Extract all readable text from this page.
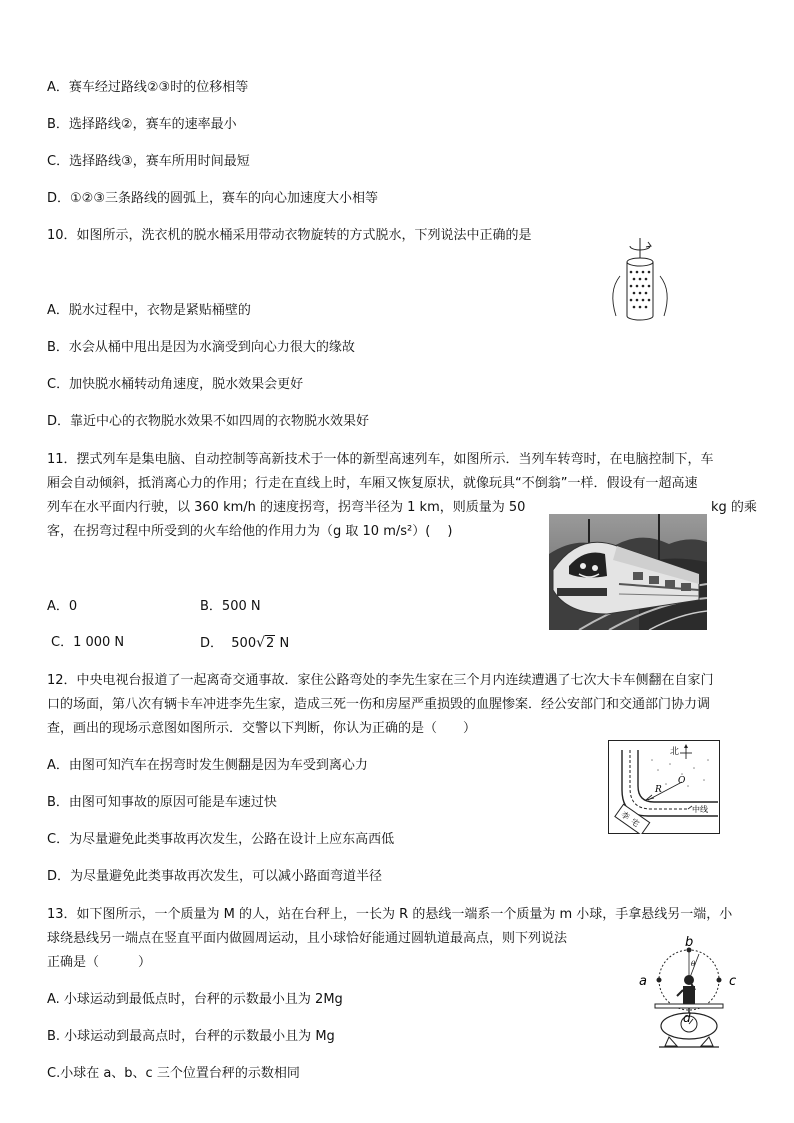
A．赛车经过路线②③时的位移相等
B．选择路线②，赛车的速率最小
C．选择路线③，赛车所用时间最短
D．①②③三条路线的圆弧上，赛车的向心加速度大小相等
10．如图所示，洗衣机的脱水桶采用带动衣物旋转的方式脱水，下列说法中正确的是
A．脱水过程中，衣物是紧贴桶壁的
B．水会从桶中甩出是因为水滴受到向心力很大的缘故
C．加快脱水桶转动角速度，脱水效果会更好
D．靠近中心的衣物脱水效果不如四周的衣物脱水效果好
11．摆式列车是集电脑、自动控制等高新技术于一体的新型高速列车，如图所示．当列车转弯时，在电脑控制下，车
厢会自动倾斜，抵消离心力的作用；行走在直线上时，车厢又恢复原状，就像玩具“不倒翁”一样．假设有一超高速
列车在水平面内行驶，以 360 km/h 的速度拐弯，拐弯半径为 1 km，则质量为 50	kg 的乘
客，在拐弯过程中所受到的火车给他的作用力为（g 取 10 m/s²）(　 )
A．0	B．500 N
C．1 000 N	D． 500√2 N
12．中央电视台报道了一起离奇交通事故．家住公路弯处的李先生家在三个月内连续遭遇了七次大卡车侧翻在自家门
口的场面，第八次有辆卡车冲进李先生家，造成三死一伤和房屋严重损毁的血腥惨案．经公安部门和交通部门协力调
查，画出的现场示意图如图所示．交警以下判断，你认为正确的是（　　）
A．由图可知汽车在拐弯时发生侧翻是因为车受到离心力
B．由图可知事故的原因可能是车速过快
C．为尽量避免此类事故再次发生，公路在设计上应东高西低
D．为尽量避免此类事故再次发生，可以减小路面弯道半径
R
O
北
中线
李宅
13．如下图所示，一个质量为 M 的人，站在台秤上，一长为 R 的悬线一端系一个质量为 m 小球，手拿悬线另一端，小
球绕悬线另一端点在竖直平面内做圆周运动，且小球恰好能通过圆轨道最高点，则下列说法
正确是（　　　）
A. 小球运动到最低点时，台秤的示数最小且为 2Mg
B. 小球运动到最高点时，台秤的示数最小且为 Mg
C.小球在 a、b、c 三个位置台秤的示数相同
θ
b
a	c
d
